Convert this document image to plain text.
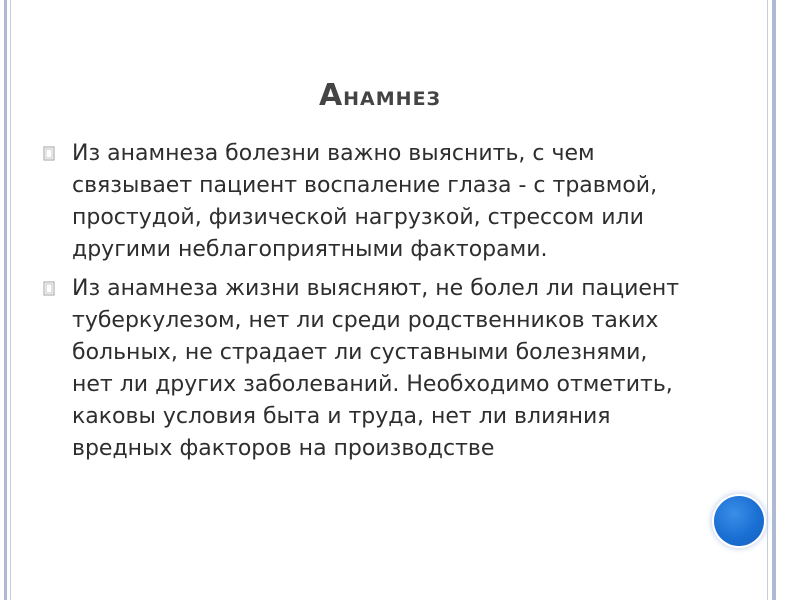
Анамнез
Из анамнеза болезни важно выяснить, с чем связывает пациент воспаление глаза - с травмой, простудой, физической нагрузкой, стрессом или другими неблагоприятными факторами.
Из анамнеза жизни выясняют, не болел ли пациент туберкулезом, нет ли среди родственников таких больных, не страдает ли суставными болезнями, нет ли других заболеваний. Необходимо отметить, каковы условия быта и труда, нет ли влияния вредных факторов на производстве
